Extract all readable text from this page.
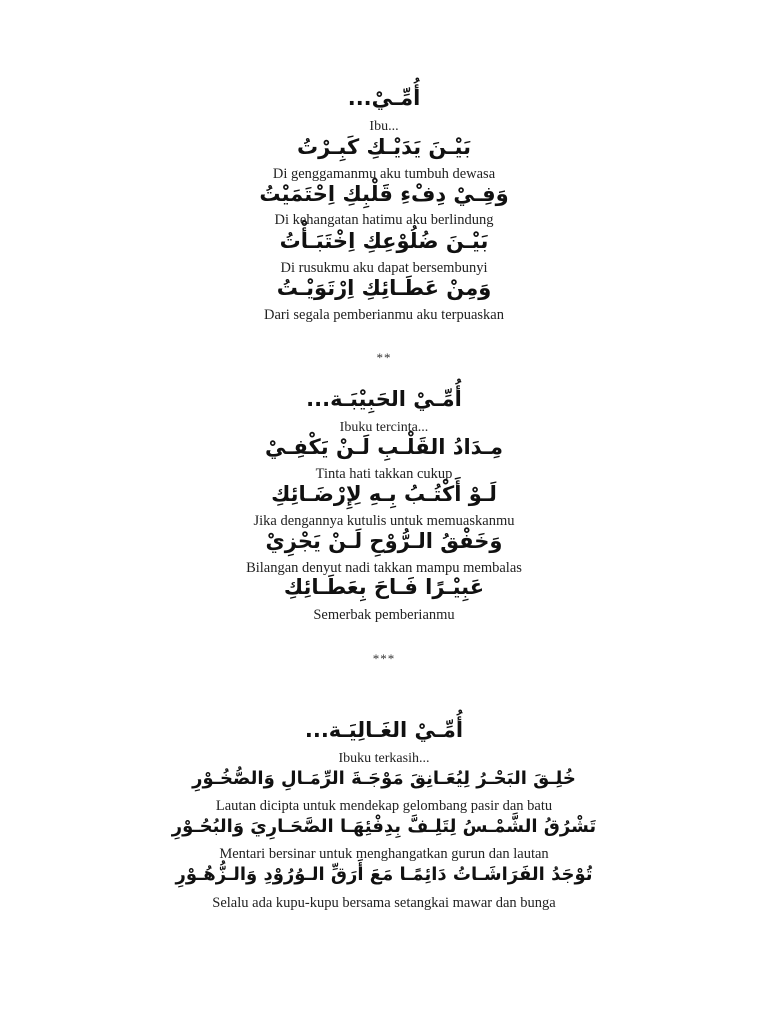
أُمِّـيْ...
Ibu...
بَيْـنَ يَدَيْـكِ كَبِـرْتُ
Di genggamanmu aku tumbuh dewasa
وَفِـيْ دِفْءِ قَلْبِكِ اِحْتَمَيْتُ
Di kehangatan hatimu aku berlindung
بَيْـنَ ضُلُوْعِكِ اِخْتَبَـأْتُ
Di rusukmu aku dapat bersembunyi
وَمِنْ عَطَـائِكِ اِرْتَوَيْـتُ
Dari segala pemberianmu aku terpuaskan
**
أُمِّـيْ الحَبِيْبَـة...
Ibuku tercinta...
مِـدَادُ القَلْـبِ لَـنْ يَكْفِـيْ
Tinta hati takkan cukup
لَـوْ أَكْتُـبُ بِـهِ لِإِرْضَـائِكِ
Jika dengannya kutulis untuk memuaskanmu
وَخَفْقُ الـرُّوْحِ لَـنْ يَجْزِيْ
Bilangan denyut nadi takkan mampu membalas
عَبِيْـرًا فَـاحَ بِعَطَـائِكِ
Semerbak pemberianmu
***
أُمِّـيْ الغَـالِيَـة...
Ibuku terkasih...
خُلِـقَ البَحْـرُ لِيُعَـانِقَ مَوْجَـةَ الرِّمَـالِ وَالصُّخُـوْرِ
Lautan dicipta untuk mendekap gelombang pasir dan batu
تَشْرُقُ الشَّمْـسُ لِتَلِـفَّ بِدِفْئِهَـا الصَّحَـارِيَ وَالبُحُـوْرِ
Mentari bersinar untuk menghangatkan gurun dan lautan
تُوْجَدُ الفَرَاشَـاتُ دَائِمًـا مَعَ أَرَقِّ الـوُرُوْدِ وَالـزُّهُـوْرِ
Selalu ada kupu-kupu bersama setangkai mawar dan bunga
